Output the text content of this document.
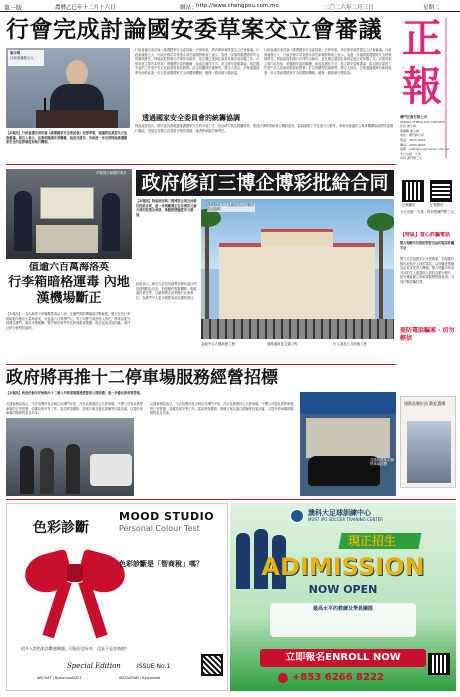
第一版	農曆乙巳年十二月十六日	網站： http://www.chengpou.com.mo	二〇二六年二月三日	星期二
行會完成討論國安委草案交立會審議
韋少琪
行政會議發言人
【本報訊】行政會議完成討論《維護國家安全委員會》法律草案，建議將法案提交立法會審議。發言人表示，法案明確國安委職權、組成及運作，有助進一步完善特區維護國家安全的法律制度和執行機制。
行政會議完成討論《維護國家安全委員會》法律草案，該法律草案將提交立法會審議。行政會議發言人、行政法務司司長張永春在新聞發佈會上表示，為進一步落實維護國家安全的憲制責任，特區政府對現行法律作出檢討，並在廣泛諮詢社會意見後完成草擬工作。法律草案主要內容包括：明確國安委的職權、組成及運作方式；設立國安委秘書處；規定國安委的工作受中央人民政府監督和問責；訂定相關保密義務等。發言人指出，法案通過後將有助特區進一步完善維護國家安全的體制機制，確保一國兩制行穩致遠。
行政會議完成討論《維護國家安全委員會》法律草案，該法律草案將提交立法會審議。行政會議發言人、行政法務司司長張永春在新聞發佈會上表示，為進一步落實維護國家安全的憲制責任，特區政府對現行法律作出檢討，並在廣泛諮詢社會意見後完成草擬工作。法律草案主要內容包括：明確國安委的職權、組成及運作方式；設立國安委秘書處；規定國安委的工作受中央人民政府監督和問責；訂定相關保密義務等。發言人指出，法案通過後將有助特區進一步完善維護國家安全的體制機制，確保一國兩制行穩致遠。
透過國家安全委員會的統籌協調
特區政府指出，國安委負責統籌維護國家安全的各項工作，包括研究制定相關政策、推進法律制度和執行機制建設，協調重點工作及重大行動等。草案亦建議設立專責機構協助國安委履行職能，並規定有關人員須遵守保密義務，違者將承擔法律責任。
正
報
澳門正報有限公司
JORNAL CHENG POU LIMITADA
社長 黃小梅
總編輯 黃小梅
地址：澳門新口岸
電話：2833 0000
傳真：2833 0000
電郵：chengpou@macau.ctm.net
今日出版一大張
每份 澳門幣三元
正報網站	正報微信
今日出版一大張 · 每份售澳門幣三元
司警展示檢獲的毒品
值逾六百萬海洛英
行李箱暗格運毒 內地漢機場斷正
【本報訊】一名內地男子涉嫌攜帶毒品入境，在澳門國際機場被司警截獲。警方在其行李箱暗格內搜出大量海洛英，市值逾六百萬澳門元。男子向警方承認受人所托，將毒品從外地運往澳門，事成可獲報酬。警方相信事件涉及跨境販毒集團，現正追查其他同黨。案件已移交檢察院處理。
政府修訂三博企博彩批給合同
【本報訊】特區政府與三間博彩企業完成修訂批給合同，進一步規範博企在非博彩元素方面的投資及承諾，推動經濟適度多元發展。
經濟財政司司長就批給合同修訂作出說明
政府表示，修訂內容包括調整非博彩項目的投資期限及內容、加強履約監督機制、明確違約責任等，以確保博企切實履行社會責任，為澳門引入更多國際客源及優質項目。
金融中心大樓新建工程	道路通車及交通工程	行人道及公共設施工程
【特區】當心詐騙電話
警方提醒市民提防假冒官員的電話詐騙手法
警方近日接獲多宗市民報案，指接獲自稱內地執法人員的電話，以涉嫌洗黑錢為由要求受害人轉帳。警方呼籲市民切勿向陌生人透露個人資料及銀行帳戶，如有懷疑應立即致電報警熱線查詢，共同打擊詐騙犯罪。
提防電話騙案 · 切勿輕信
國際品牌折扣 歡迎選購
政府將再推十二停車場服務經營招標
【本報訊】政府於新年伊始推出十二個公共停車場服務經營的公開招標，進一步優化停車場管理。
交通事務局表示，今次招標涉及多個位於澳門半島、氹仔及路環的公共停車場，中標公司需負責停車場的日常營運、清潔及保安等工作。當局將按價格、營運方案及過往經驗等因素評審，以提升停車場的服務質素及效率。
交通事務局表示，今次招標涉及多個位於澳門半島、氹仔及路環的公共停車場，中標公司需負責停車場的日常營運、清潔及保安等工作。當局將按價格、營運方案及過往經驗等因素評審，以提升停車場的服務質素及效率。
交通局將推多個停車場招標
色彩診斷
MOOD STUDIO
Personal Colour Test
色彩診斷是「智商稅」嗎？
很多人對色彩診斷感興趣，可能你也好奇：這是不是智商稅？
Special Edition	ISSUE No.1
WECHAT | Byoumood2022	INSTAGRAM | Byoumood
澳科大足球訓練中心
MUST IPO SOCCER TRAINING CENTER
現正招生
ADIMISSION
NOW OPEN
最高水平的教練及學員團隊
立即報名ENROLL NOW
+853 6266 8222
